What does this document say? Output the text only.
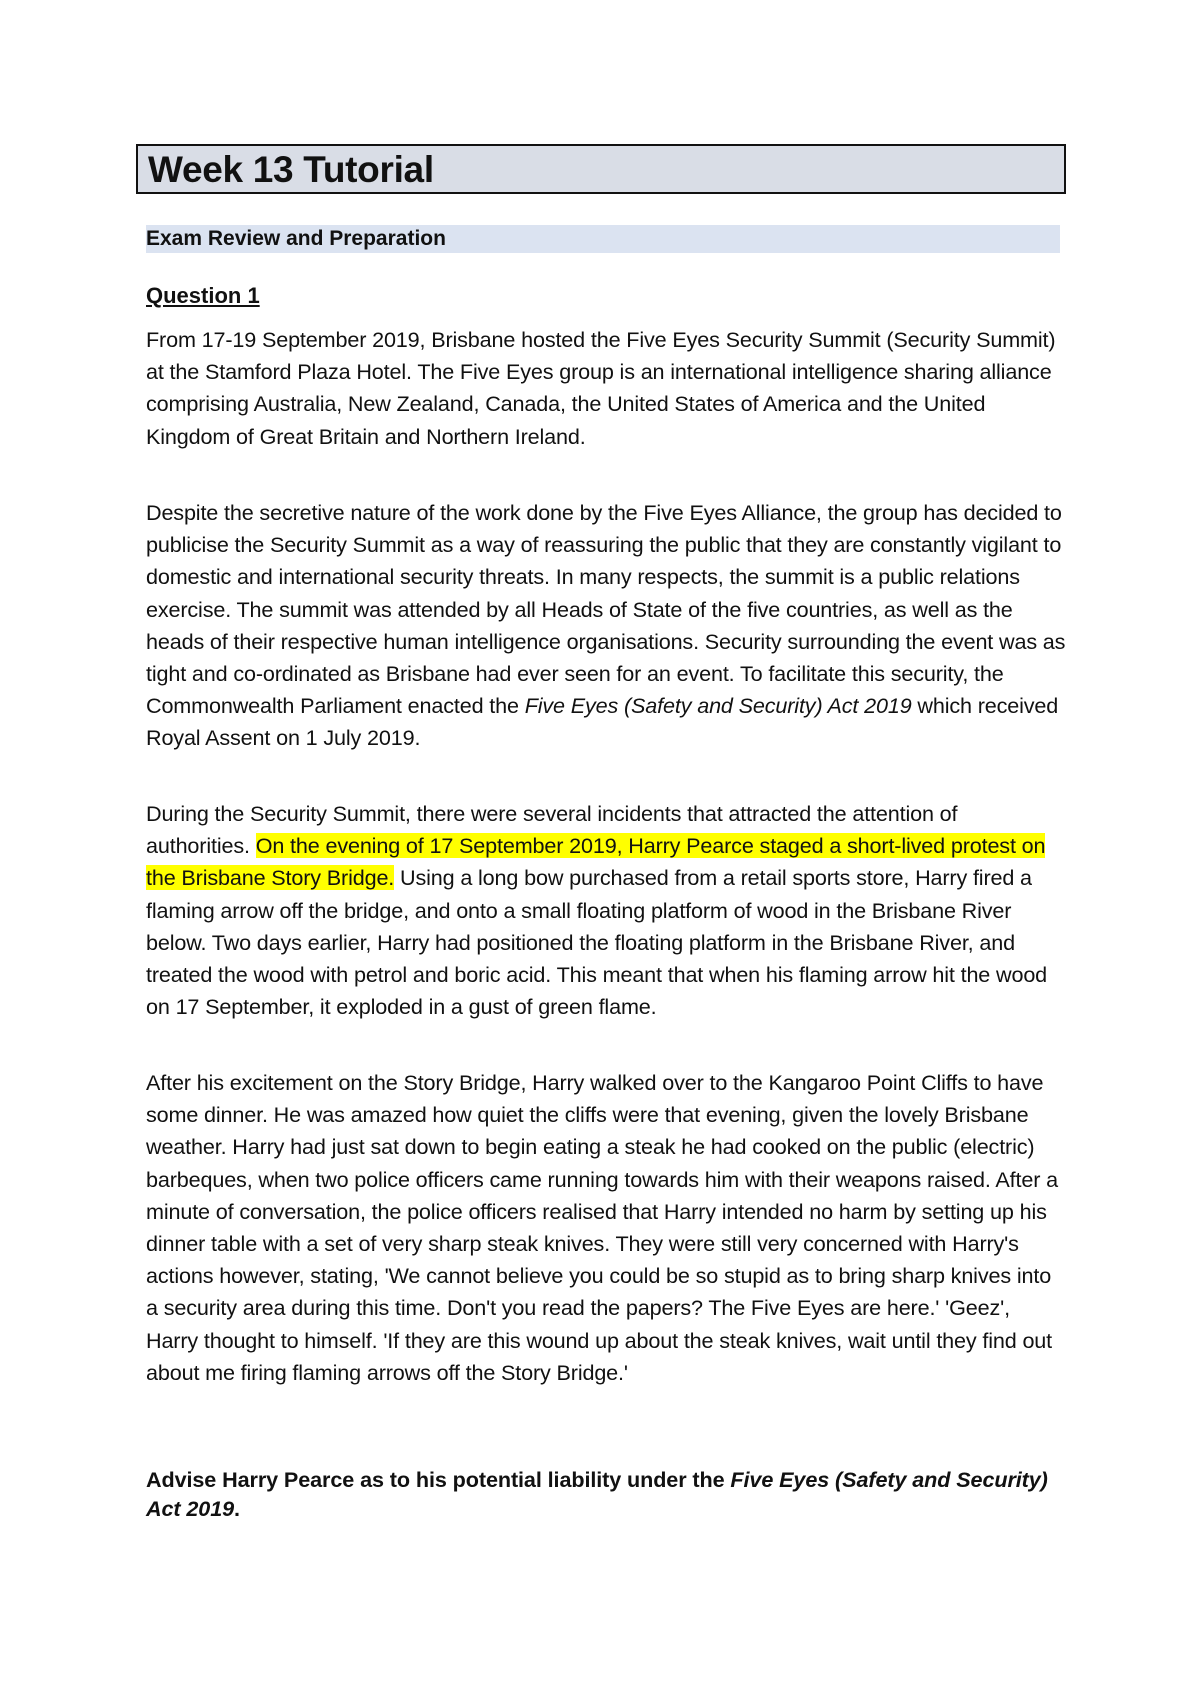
Week 13 Tutorial
Exam Review and Preparation
Question 1

From 17-19 September 2019, Brisbane hosted the Five Eyes Security Summit (Security Summit) at the Stamford Plaza Hotel. The Five Eyes group is an international intelligence sharing alliance comprising Australia, New Zealand, Canada, the United States of America and the United Kingdom of Great Britain and Northern Ireland.

Despite the secretive nature of the work done by the Five Eyes Alliance, the group has decided to publicise the Security Summit as a way of reassuring the public that they are constantly vigilant to domestic and international security threats. In many respects, the summit is a public relations exercise. The summit was attended by all Heads of State of the five countries, as well as the heads of their respective human intelligence organisations. Security surrounding the event was as tight and co-ordinated as Brisbane had ever seen for an event. To facilitate this security, the Commonwealth Parliament enacted the Five Eyes (Safety and Security) Act 2019 which received Royal Assent on 1 July 2019.

During the Security Summit, there were several incidents that attracted the attention of authorities. On the evening of 17 September 2019, Harry Pearce staged a short-lived protest on the Brisbane Story Bridge. Using a long bow purchased from a retail sports store, Harry fired a flaming arrow off the bridge, and onto a small floating platform of wood in the Brisbane River below. Two days earlier, Harry had positioned the floating platform in the Brisbane River, and treated the wood with petrol and boric acid. This meant that when his flaming arrow hit the wood on 17 September, it exploded in a gust of green flame.

After his excitement on the Story Bridge, Harry walked over to the Kangaroo Point Cliffs to have some dinner. He was amazed how quiet the cliffs were that evening, given the lovely Brisbane weather. Harry had just sat down to begin eating a steak he had cooked on the public (electric) barbeques, when two police officers came running towards him with their weapons raised. After a minute of conversation, the police officers realised that Harry intended no harm by setting up his dinner table with a set of very sharp steak knives. They were still very concerned with Harry's actions however, stating, 'We cannot believe you could be so stupid as to bring sharp knives into a security area during this time. Don't you read the papers? The Five Eyes are here.' 'Geez', Harry thought to himself. 'If they are this wound up about the steak knives, wait until they find out about me firing flaming arrows off the Story Bridge.'

Advise Harry Pearce as to his potential liability under the Five Eyes (Safety and Security) Act 2019.
